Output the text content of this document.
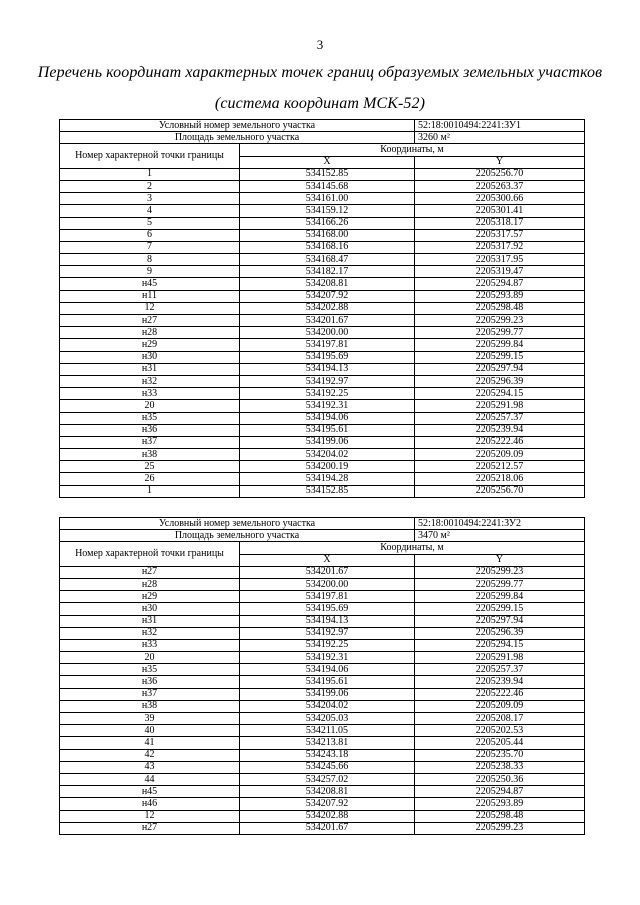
3
Перечень координат характерных точек границ образуемых земельных участков
(система координат МСК-52)
Условный номер земельного участка		52:18:0010494:2241:ЗУ1
Площадь земельного участка		3260 м²
Номер характерной точки границы	Координаты, м	
	X	Y
1	534152.85	2205256.70
2	534145.68	2205263.37
3	534161.00	2205300.66
4	534159.12	2205301.41
5	534166.26	2205318.17
6	534168.00	2205317.57
7	534168.16	2205317.92
8	534168.47	2205317.95
9	534182.17	2205319.47
н45	534208.81	2205294.87
н11	534207.92	2205293.89
12	534202.88	2205298.48
н27	534201.67	2205299.23
н28	534200.00	2205299.77
н29	534197.81	2205299.84
н30	534195.69	2205299.15
н31	534194.13	2205297.94
н32	534192.97	2205296.39
н33	534192.25	2205294.15
20	534192.31	2205291.98
н35	534194.06	2205257.37
н36	534195.61	2205239.94
н37	534199.06	2205222.46
н38	534204.02	2205209.09
25	534200.19	2205212.57
26	534194.28	2205218.06
1	534152.85	2205256.70
Условный номер земельного участка		52:18:0010494:2241:ЗУ2
Площадь земельного участка		3470 м²
Номер характерной точки границы	Координаты, м	
	X	Y
н27	534201.67	2205299.23
н28	534200.00	2205299.77
н29	534197.81	2205299.84
н30	534195.69	2205299.15
н31	534194.13	2205297.94
н32	534192.97	2205296.39
н33	534192.25	2205294.15
20	534192.31	2205291.98
н35	534194.06	2205257.37
н36	534195.61	2205239.94
н37	534199.06	2205222.46
н38	534204.02	2205209.09
39	534205.03	2205208.17
40	534211.05	2205202.53
41	534213.81	2205205.44
42	534243.18	2205235.70
43	534245.66	2205238.33
44	534257.02	2205250.36
н45	534208.81	2205294.87
н46	534207.92	2205293.89
12	534202.88	2205298.48
н27	534201.67	2205299.23
